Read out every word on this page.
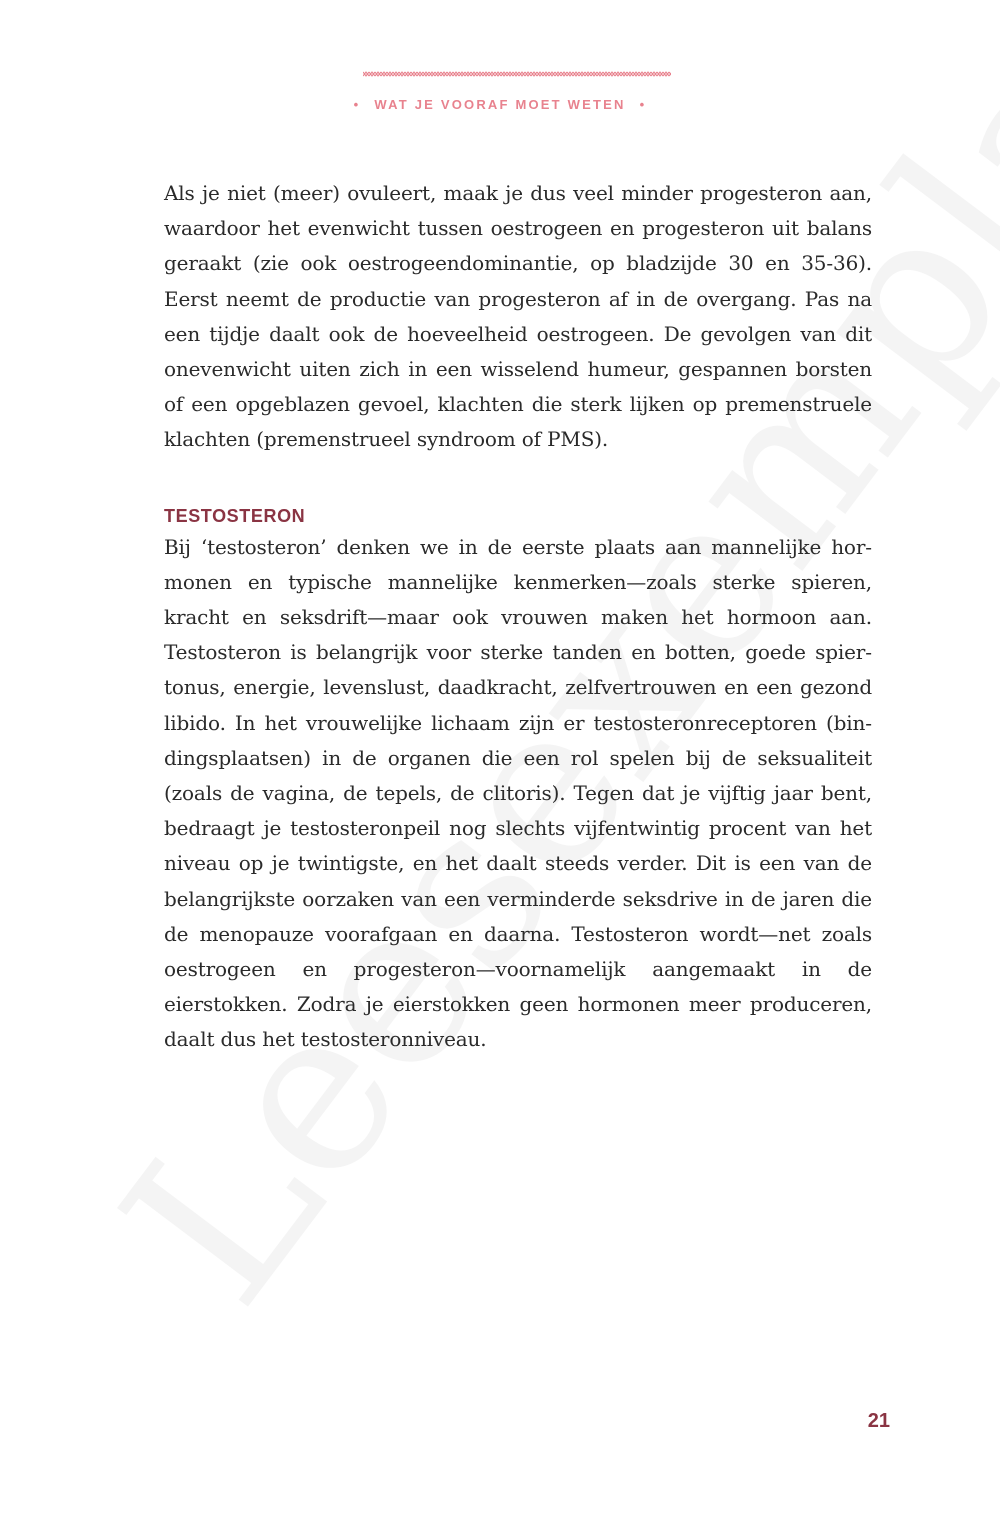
• WAT JE VOORAF MOET WETEN •

Als je niet (meer) ovuleert, maak je dus veel minder progesteron aan, waardoor het evenwicht tussen oestrogeen en progesteron uit balans geraakt (zie ook oestrogeendominantie, op bladzijde 30 en 35-36). Eerst neemt de productie van progesteron af in de overgang. Pas na een tijdje daalt ook de hoeveelheid oestrogeen. De gevolgen van dit onevenwicht uiten zich in een wisselend humeur, gespannen borsten of een opgeblazen gevoel, klachten die sterk lijken op premenstruele klachten (premenstrueel syndroom of PMS).

TESTOSTERON

Bij ‘testosteron’ denken we in de eerste plaats aan mannelijke hormonen en typische mannelijke kenmerken—zoals sterke spieren, kracht en seksdrift—maar ook vrouwen maken het hormoon aan. Testosteron is belangrijk voor sterke tanden en botten, goede spiertonus, energie, levenslust, daadkracht, zelfvertrouwen en een gezond libido. In het vrouwelijke lichaam zijn er testosteronreceptoren (bindingsplaatsen) in de organen die een rol spelen bij de seksualiteit (zoals de vagina, de tepels, de clitoris). Tegen dat je vijftig jaar bent, bedraagt je testosteronpeil nog slechts vijfentwintig procent van het niveau op je twintigste, en het daalt steeds verder. Dit is een van de belangrijkste oorzaken van een verminderde seksdrive in de jaren die de menopauze voorafgaan en daarna. Testosteron wordt—net zoals oestrogeen en progesteron—voornamelijk aangemaakt in de eierstokken. Zodra je eierstokken geen hormonen meer produceren, daalt dus het testosteronniveau.

21
